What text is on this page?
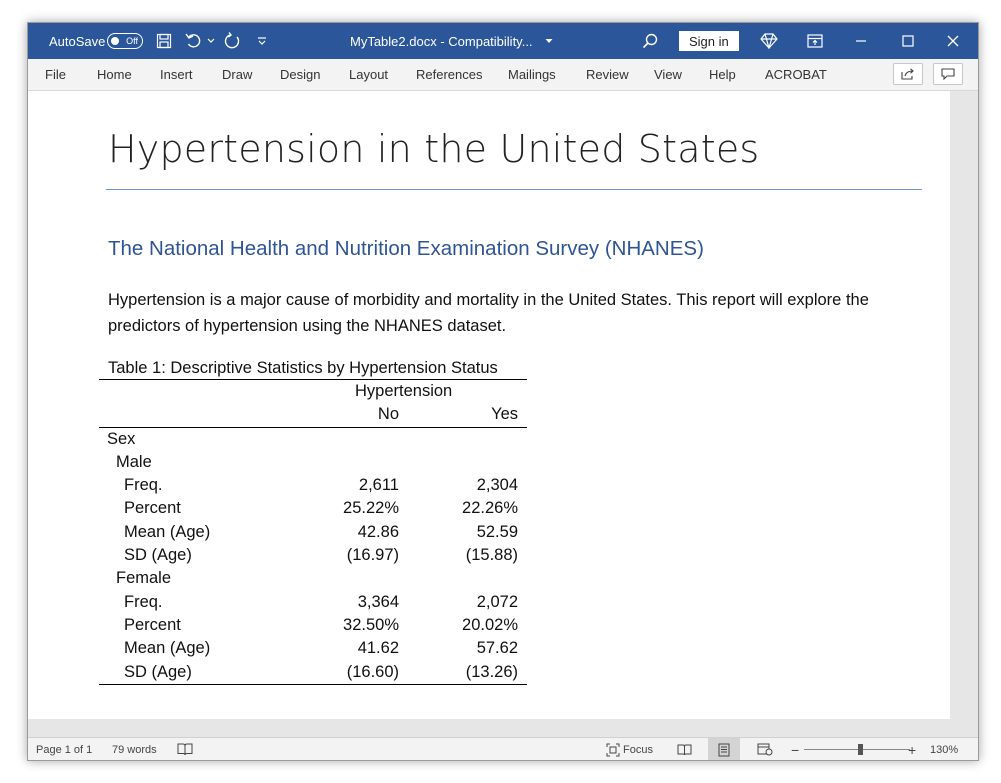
AutoSave Off	MyTable2.docx - Compatibility...	Sign in
File Home Insert Draw Design Layout References Mailings Review View Help ACROBAT
Hypertension in the United States
The National Health and Nutrition Examination Survey (NHANES)
Hypertension is a major cause of morbidity and mortality in the United States. This report will explore the predictors of hypertension using the NHANES dataset.
Table 1: Descriptive Statistics by Hypertension Status
Hypertension
No	Yes
Sex
Male
Freq.	2,611	2,304
Percent	25.22%	22.26%
Mean (Age)	42.86	52.59
SD (Age)	(16.97)	(15.88)
Female
Freq.	3,364	2,072
Percent	32.50%	20.02%
Mean (Age)	41.62	57.62
SD (Age)	(16.60)	(13.26)
Page 1 of 1 79 words	Focus	−	+ 130%
